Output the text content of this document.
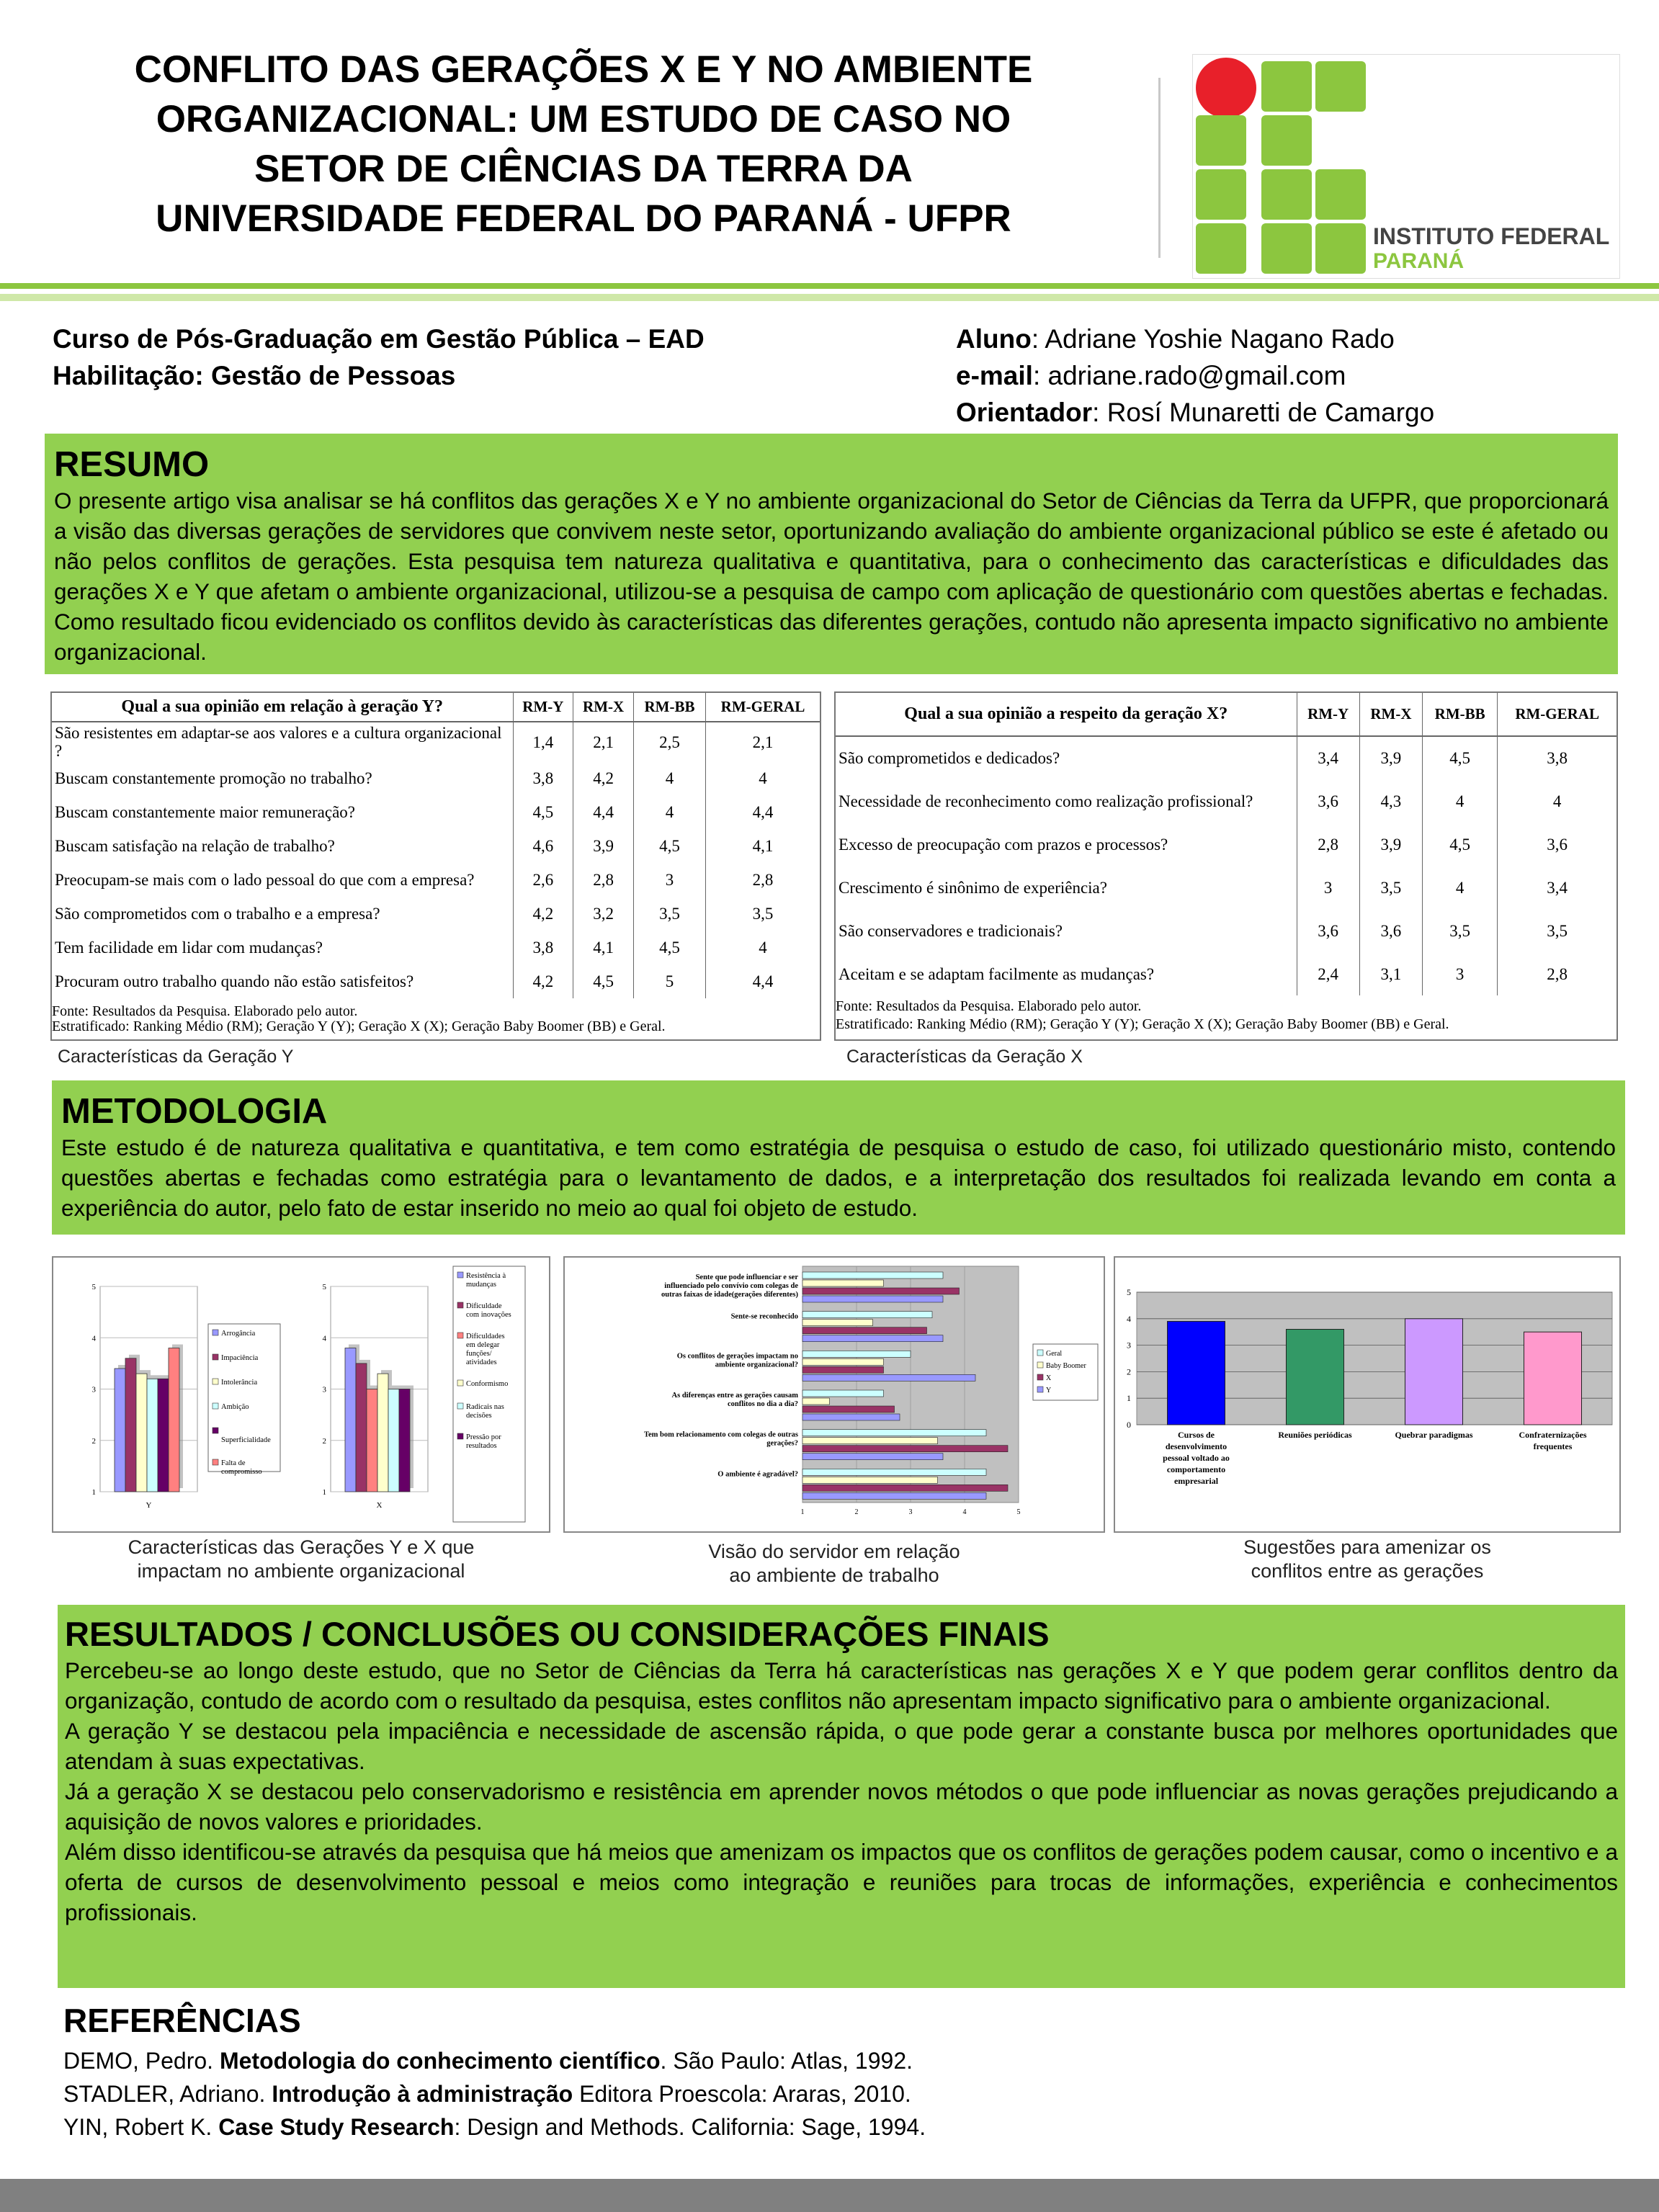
CONFLITO DAS GERAÇÕES X E Y NO AMBIENTE
ORGANIZACIONAL: UM ESTUDO DE CASO NO
SETOR DE CIÊNCIAS DA TERRA DA
UNIVERSIDADE FEDERAL DO PARANÁ - UFPR	INSTITUTO FEDERAL
PARANÁ
Curso de Pós-Graduação em Gestão Pública – EAD
Habilitação: Gestão de Pessoas
Aluno: Adriane Yoshie Nagano Rado
e-mail: adriane.rado@gmail.com
Orientador: Rosí Munaretti de Camargo
RESUMO

O presente artigo visa analisar se há conflitos das gerações X e Y no ambiente organizacional do Setor de Ciências da Terra da UFPR, que proporcionará a visão das diversas gerações de servidores que convivem neste setor, oportunizando avaliação do ambiente organizacional público se este é afetado ou não pelos conflitos de gerações. Esta pesquisa tem natureza qualitativa e quantitativa, para o conhecimento das características e dificuldades das gerações X e Y que afetam o ambiente organizacional, utilizou-se a pesquisa de campo com aplicação de questionário com questões abertas e fechadas. Como resultado ficou evidenciado os conflitos devido às características das diferentes gerações, contudo não apresenta impacto significativo no ambiente organizacional.

Qual a sua opinião em relação à geração Y?	RM-Y	RM-X	RM-BB	RM-GERAL
São resistentes em adaptar-se aos valores e a cultura organizacional ?	1,4	2,1	2,5	2,1
Buscam constantemente promoção no trabalho?	3,8	4,2	4	4
Buscam constantemente maior remuneração?	4,5	4,4	4	4,4
Buscam satisfação na relação de trabalho?	4,6	3,9	4,5	4,1
Preocupam-se mais com o lado pessoal do que com a empresa?	2,6	2,8	3	2,8
São comprometidos com o trabalho e a empresa?	4,2	3,2	3,5	3,5
Tem facilidade em lidar com mudanças?	3,8	4,1	4,5	4
Procuram outro trabalho quando não estão satisfeitos?	4,2	4,5	5	4,4
Fonte: Resultados da Pesquisa. Elaborado pelo autor.
Estratificado: Ranking Médio (RM); Geração Y (Y); Geração X (X); Geração Baby Boomer (BB) e Geral.
Características da Geração Y
Qual a sua opinião a respeito da geração X?	RM-Y	RM-X	RM-BB	RM-GERAL
São comprometidos e dedicados?	3,4	3,9	4,5	3,8
Necessidade de reconhecimento como realização profissional?	3,6	4,3	4	4
Excesso de preocupação com prazos e processos?	2,8	3,9	4,5	3,6
Crescimento é sinônimo de experiência?	3	3,5	4	3,4
São conservadores e tradicionais?	3,6	3,6	3,5	3,5
Aceitam e se adaptam facilmente as mudanças?	2,4	3,1	3	2,8
Fonte: Resultados da Pesquisa. Elaborado pelo autor.
Estratificado: Ranking Médio (RM); Geração Y (Y); Geração X (X); Geração Baby Boomer (BB) e Geral.
Características da Geração X
METODOLOGIA

Este estudo é de natureza qualitativa e quantitativa, e tem como estratégia de pesquisa o estudo de caso, foi utilizado questionário misto, contendo questões abertas e fechadas como estratégia para o levantamento de dados, e a interpretação dos resultados foi realizada levando em conta a experiência do autor, pelo fato de estar inserido no meio ao qual foi objeto de estudo.

1
2
3
4
5
Y
Arrogância
Impaciência
Intolerância
Ambição
Superficialidade
Falta de
compromisso
1
2
3
4
5
X
Resistência à
mudanças
Dificuldade
com inovações
Dificuldades
em delegar
funções/
atividades
Conformismo
Radicais nas
decisões
Pressão por
resultados
1	2	3	4	5
Sente que pode influenciar e ser
influenciado pelo convívio com colegas de
outras faixas de idade(gerações diferentes)
Sente-se reconhecido
Os conflitos de gerações impactam no
ambiente organizacional?
As diferenças entre as gerações causam
conflitos no dia a dia?
Tem bom relacionamento com colegas de outras
gerações?
O ambiente é agradável?
Geral
Baby Boomer
X
Y
0
1
2
3
4
5
Cursos de
desenvolvimento
pessoal voltado ao
comportamento
empresarial
Reuniões periódicas	Quebrar paradigmas	Confraternizações
frequentes
Características das Gerações Y e X que
impactam no ambiente organizacional
Visão do servidor em relação
ao ambiente de trabalho
Sugestões para amenizar os
conflitos entre as gerações
RESULTADOS / CONCLUSÕES OU CONSIDERAÇÕES FINAIS

Percebeu-se ao longo deste estudo, que no Setor de Ciências da Terra há características nas gerações X e Y que podem gerar conflitos dentro da organização, contudo de acordo com o resultado da pesquisa, estes conflitos não apresentam impacto significativo para o ambiente organizacional.

A geração Y se destacou pela impaciência e necessidade de ascensão rápida, o que pode gerar a constante busca por melhores oportunidades que atendam à suas expectativas.

Já a geração X se destacou pelo conservadorismo e resistência em aprender novos métodos o que pode influenciar as novas gerações prejudicando a aquisição de novos valores e prioridades.

Além disso identificou-se através da pesquisa que há meios que amenizam os impactos que os conflitos de gerações podem causar, como o incentivo e a oferta de cursos de desenvolvimento pessoal e meios como integração e reuniões para trocas de informações, experiência e conhecimentos profissionais.

REFERÊNCIAS
DEMO, Pedro. Metodologia do conhecimento científico. São Paulo: Atlas, 1992.
STADLER, Adriano. Introdução à administração Editora Proescola: Araras, 2010.
YIN, Robert K. Case Study Research: Design and Methods. California: Sage, 1994.
